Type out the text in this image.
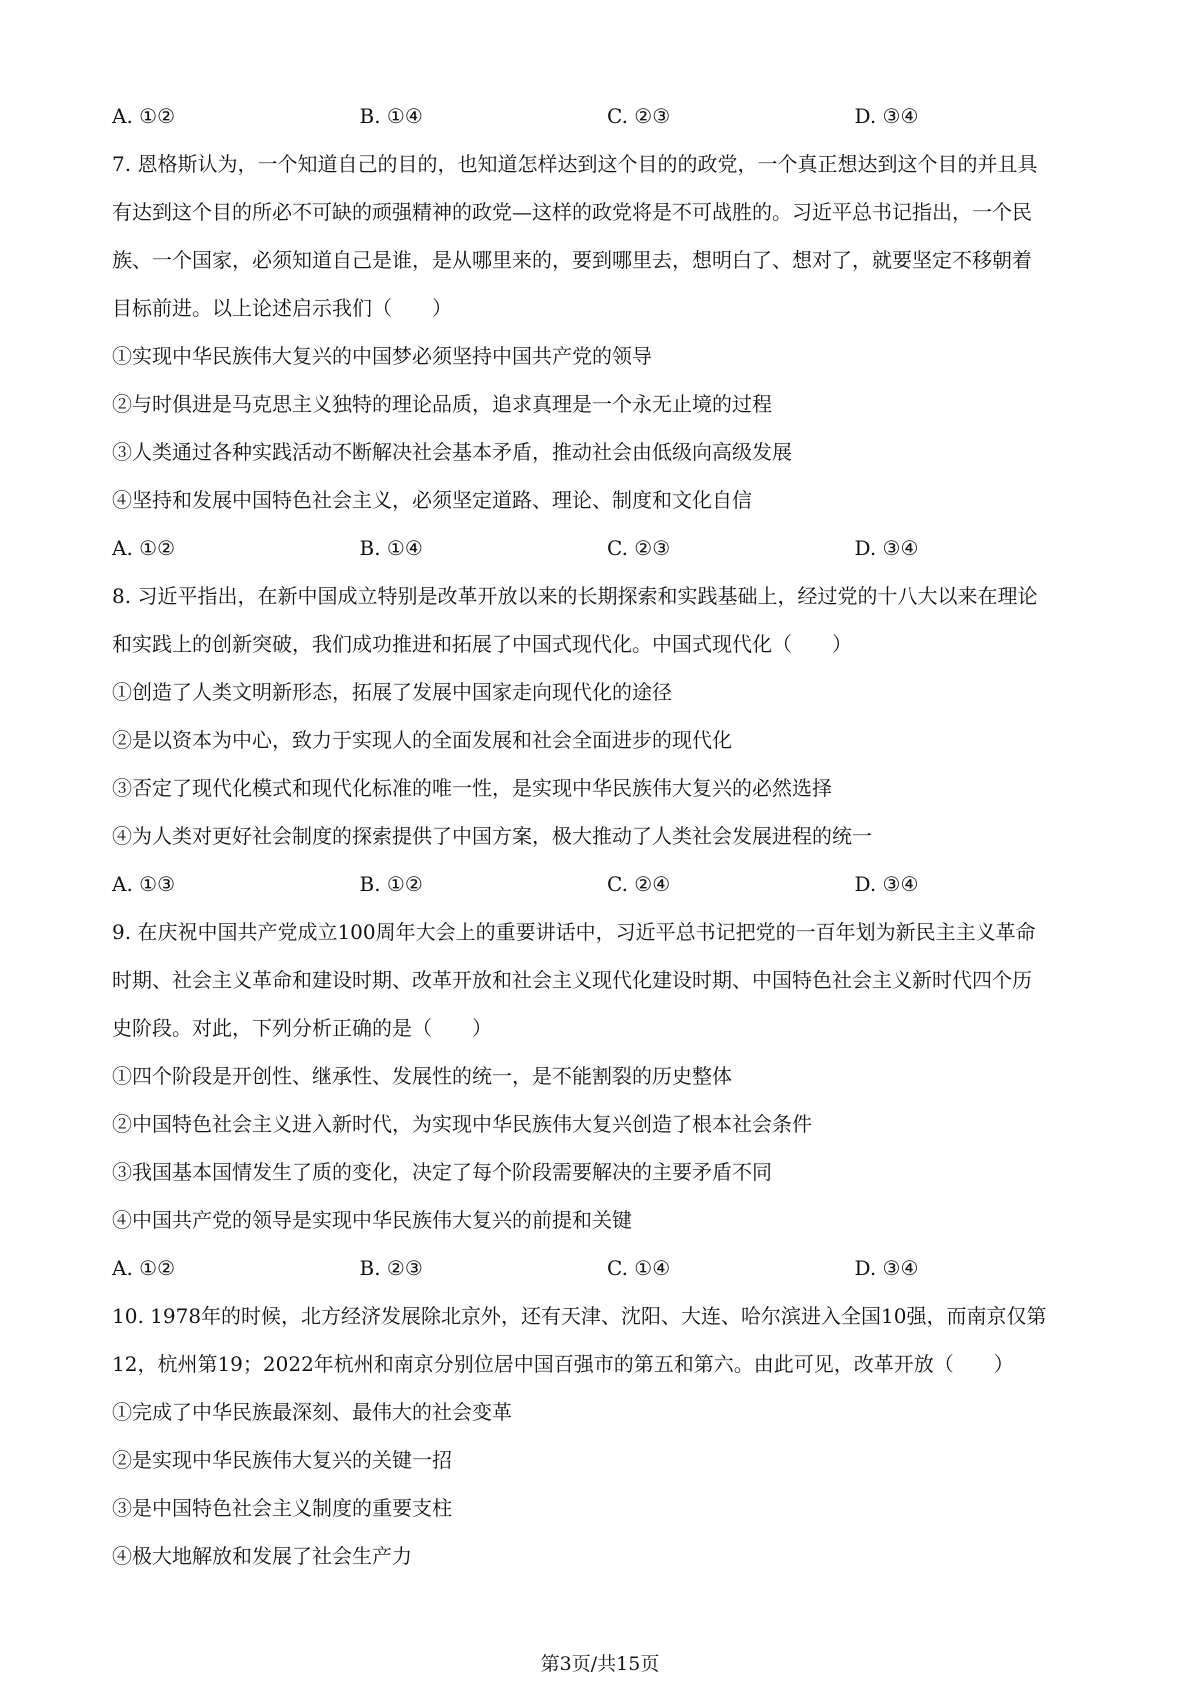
A. ①②	B. ①④	C. ②③	D. ③④
7. 恩格斯认为，一个知道自己的目的，也知道怎样达到这个目的的政党，一个真正想达到这个目的并且具
有达到这个目的所必不可缺的顽强精神的政党—这样的政党将是不可战胜的。习近平总书记指出，一个民
族、一个国家，必须知道自己是谁，是从哪里来的，要到哪里去，想明白了、想对了，就要坚定不移朝着
目标前进。以上论述启示我们（　　）
①实现中华民族伟大复兴的中国梦必须坚持中国共产党的领导
②与时俱进是马克思主义独特的理论品质，追求真理是一个永无止境的过程
③人类通过各种实践活动不断解决社会基本矛盾，推动社会由低级向高级发展
④坚持和发展中国特色社会主义，必须坚定道路、理论、制度和文化自信
A. ①②	B. ①④	C. ②③	D. ③④
8. 习近平指出，在新中国成立特别是改革开放以来的长期探索和实践基础上，经过党的十八大以来在理论
和实践上的创新突破，我们成功推进和拓展了中国式现代化。中国式现代化（　　）
①创造了人类文明新形态，拓展了发展中国家走向现代化的途径
②是以资本为中心，致力于实现人的全面发展和社会全面进步的现代化
③否定了现代化模式和现代化标准的唯一性，是实现中华民族伟大复兴的必然选择
④为人类对更好社会制度的探索提供了中国方案，极大推动了人类社会发展进程的统一
A. ①③	B. ①②	C. ②④	D. ③④
9. 在庆祝中国共产党成立100周年大会上的重要讲话中，习近平总书记把党的一百年划为新民主主义革命
时期、社会主义革命和建设时期、改革开放和社会主义现代化建设时期、中国特色社会主义新时代四个历
史阶段。对此，下列分析正确的是（　　）
①四个阶段是开创性、继承性、发展性的统一，是不能割裂的历史整体
②中国特色社会主义进入新时代，为实现中华民族伟大复兴创造了根本社会条件
③我国基本国情发生了质的变化，决定了每个阶段需要解决的主要矛盾不同
④中国共产党的领导是实现中华民族伟大复兴的前提和关键
A. ①②	B. ②③	C. ①④	D. ③④
10. 1978年的时候，北方经济发展除北京外，还有天津、沈阳、大连、哈尔滨进入全国10强，而南京仅第
12，杭州第19；2022年杭州和南京分别位居中国百强市的第五和第六。由此可见，改革开放（　　）
①完成了中华民族最深刻、最伟大的社会变革
②是实现中华民族伟大复兴的关键一招
③是中国特色社会主义制度的重要支柱
④极大地解放和发展了社会生产力
第3页/共15页
